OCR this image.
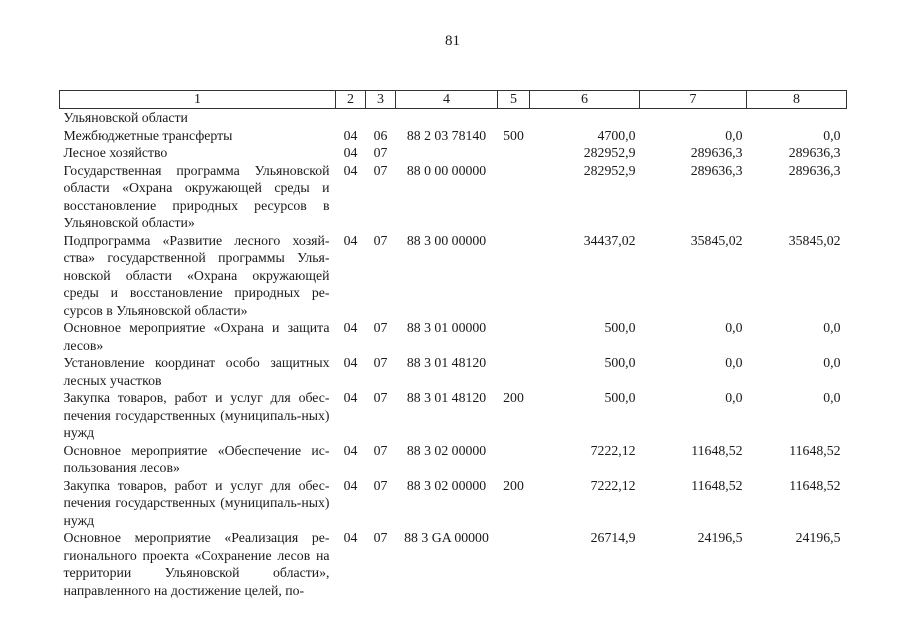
81
1	2	3	4	5	6	7	8
Ульяновской области							
Межбюджетные трансферты	04	06	88 2 03 78140	500	4700,0	0,0	0,0
Лесное хозяйство	04	07			282952,9	289636,3	289636,3
Государственная программа Ульяновской области «Охрана окружающей среды и восстановление природных ресурсов в Ульяновской области»	04	07	88 0 00 00000		282952,9	289636,3	289636,3
Подпрограмма «Развитие лесного хозяй-ства» государственной программы Улья-новской области «Охрана окружающей среды и восстановление природных ре-сурсов в Ульяновской области»	04	07	88 3 00 00000		34437,02	35845,02	35845,02
Основное мероприятие «Охрана и защита лесов»	04	07	88 3 01 00000		500,0	0,0	0,0
Установление координат особо защитных лесных участков	04	07	88 3 01 48120		500,0	0,0	0,0
Закупка товаров, работ и услуг для обес-печения государственных (муниципаль-ных) нужд	04	07	88 3 01 48120	200	500,0	0,0	0,0
Основное мероприятие «Обеспечение ис-пользования лесов»	04	07	88 3 02 00000		7222,12	11648,52	11648,52
Закупка товаров, работ и услуг для обес-печения государственных (муниципаль-ных) нужд	04	07	88 3 02 00000	200	7222,12	11648,52	11648,52
Основное мероприятие «Реализация ре-гионального проекта «Сохранение лесов на территории Ульяновской области», направленного на достижение целей, по-	04	07	88 3 GA 00000		26714,9	24196,5	24196,5
